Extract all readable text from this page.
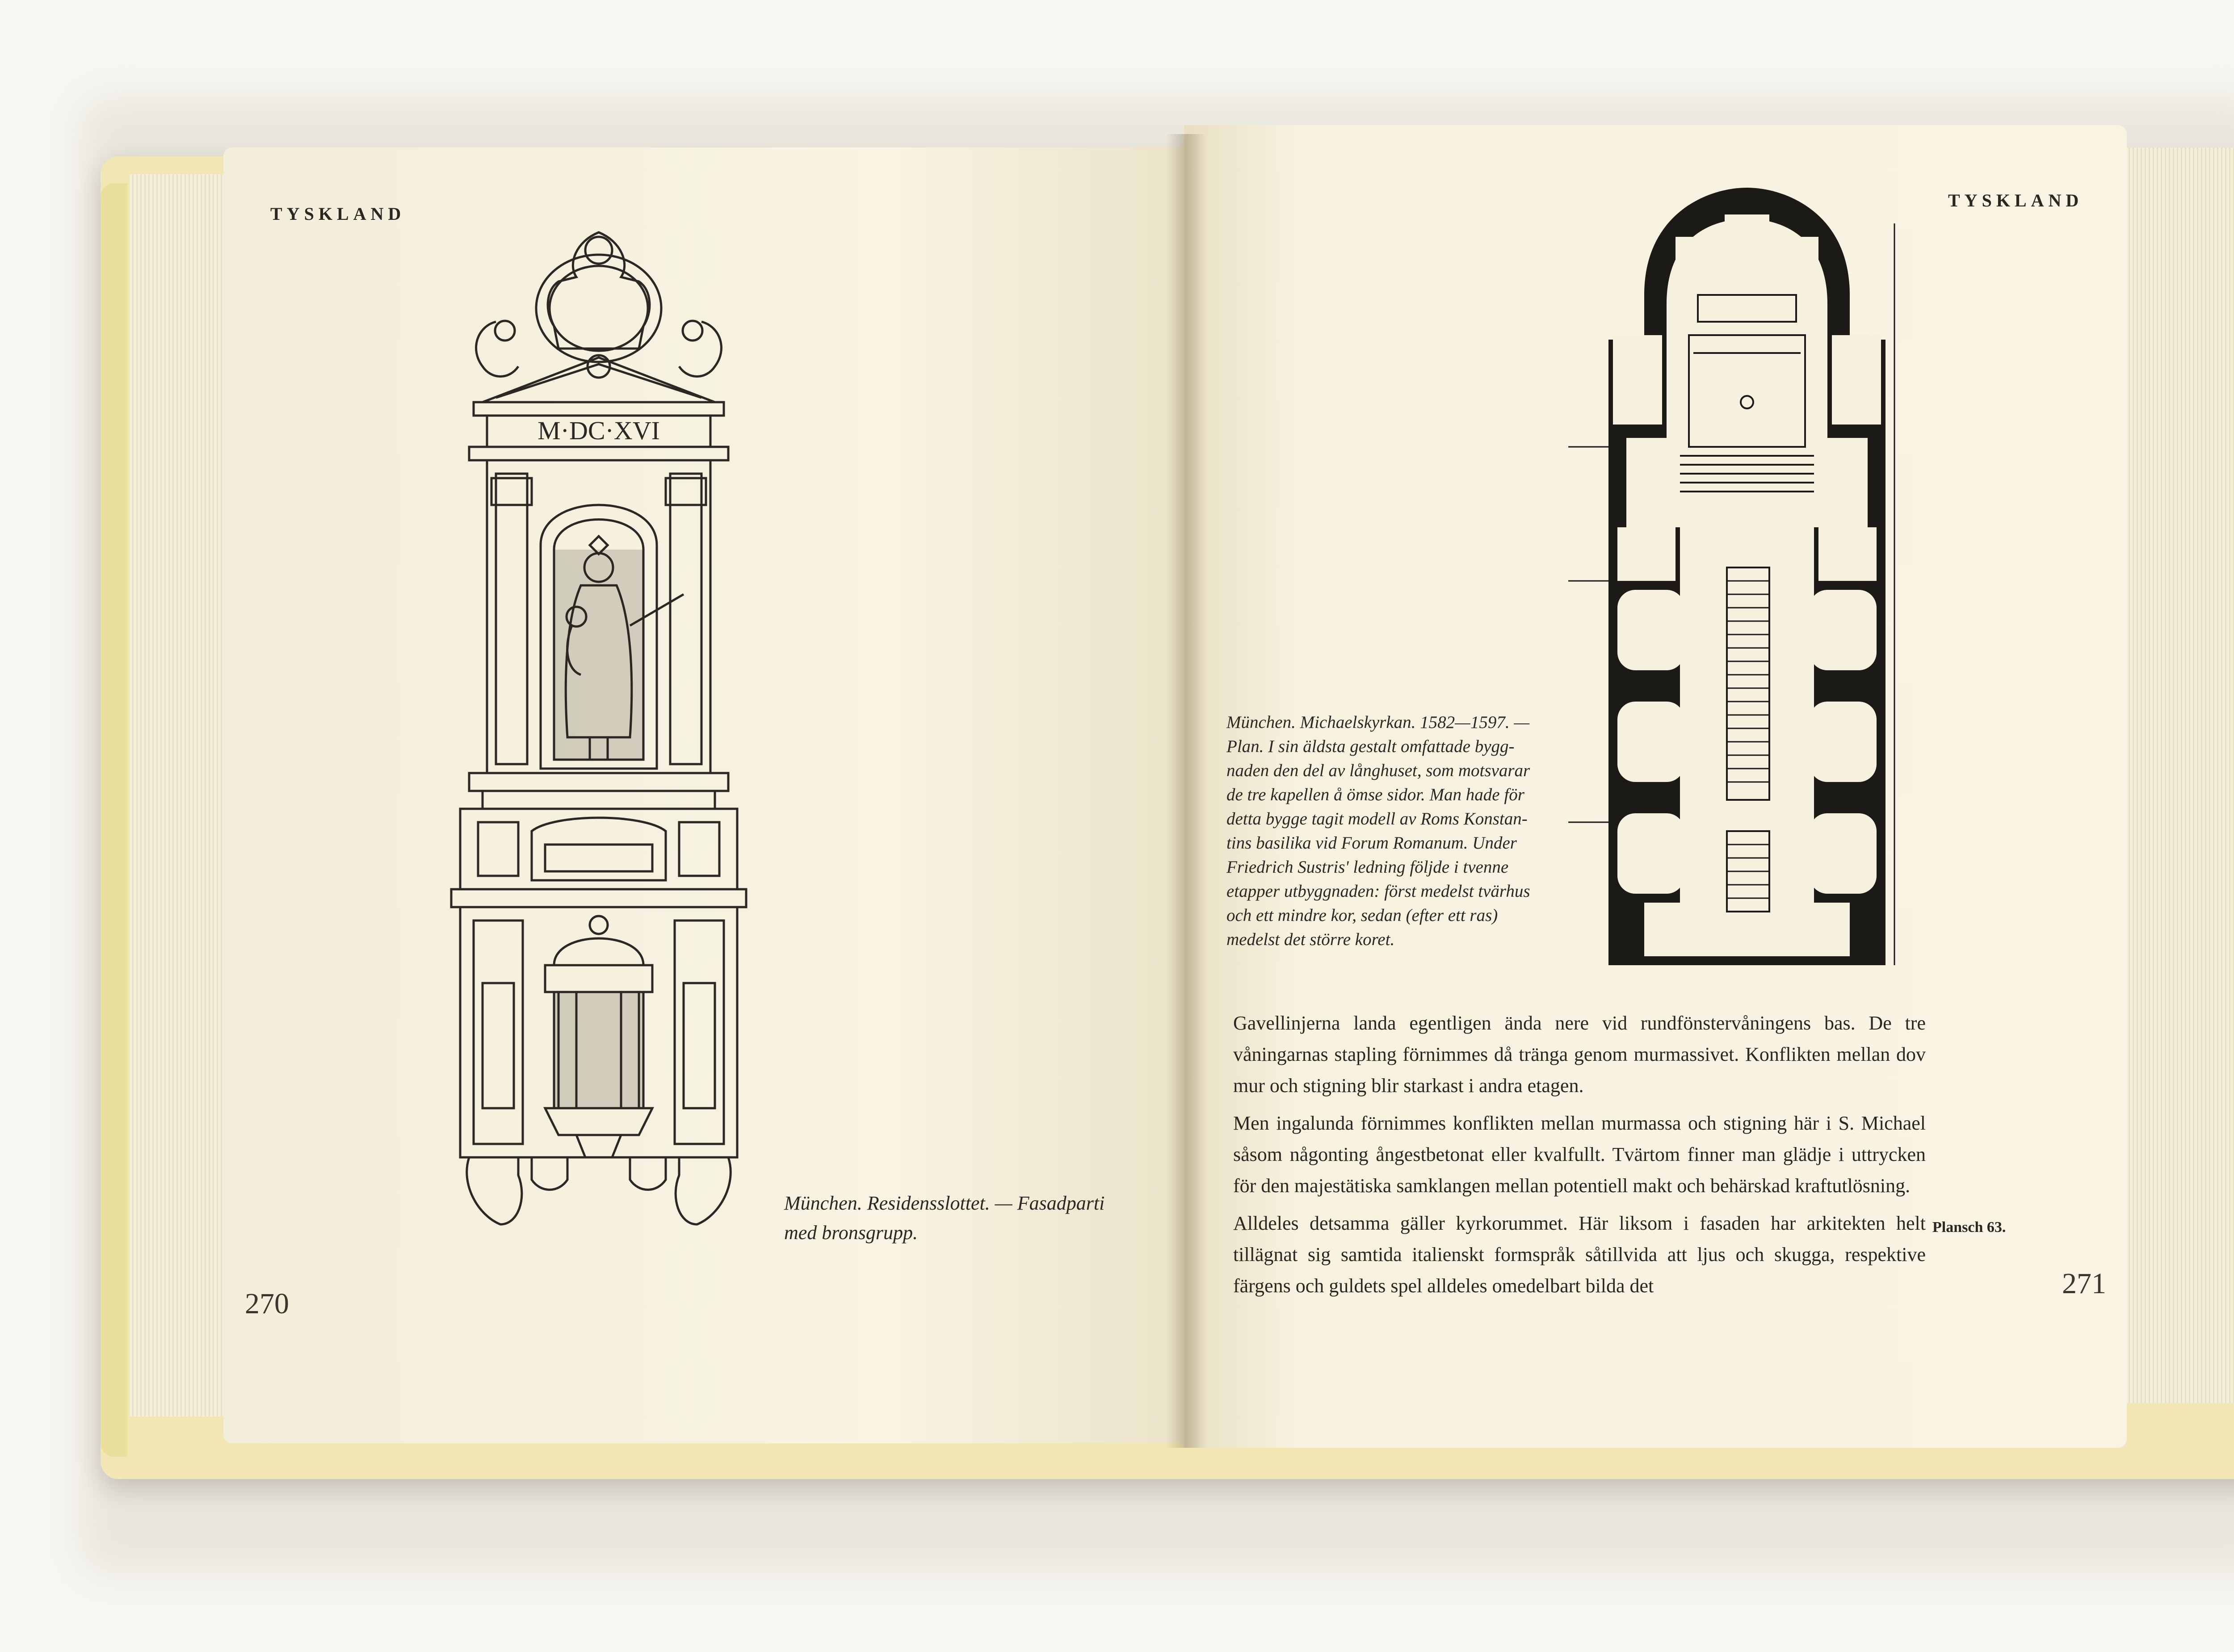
TYSKLAND
M·DC·XVI
München. Residensslottet. — Fasadparti
med bronsgrupp.
270
TYSKLAND
München. Michaelskyrkan. 1582—1597. —
Plan. I sin äldsta gestalt omfattade bygg-
naden den del av långhuset, som motsvarar
de tre kapellen å ömse sidor. Man hade för
detta bygge tagit modell av Roms Konstan-
tins basilika vid Forum Romanum. Under
Friedrich Sustris' ledning följde i tvenne
etapper utbyggnaden: först medelst tvärhus
och ett mindre kor, sedan (efter ett ras)
medelst det större koret.

Gavellinjerna landa egentligen ända nere vid rundfönstervåningens bas. De tre våningarnas stapling förnimmes då tränga genom murmassivet. Konflikten mellan dov mur och stigning blir starkast i andra etagen.

Men ingalunda förnimmes konflikten mellan murmassa och stigning här i S. Michael såsom någonting ångestbetonat eller kvalfullt. Tvärtom finner man glädje i uttrycken för den majestätiska samklangen mellan potentiell makt och behärskad kraftutlösning.

Alldeles detsamma gäller kyrkorummet. Här liksom i fasaden har arkitekten helt tillägnat sig samtida italienskt formspråk såtillvida att ljus och skugga, respektive färgens och guldets spel alldeles omedelbart bilda det

Plansch 63.
271
